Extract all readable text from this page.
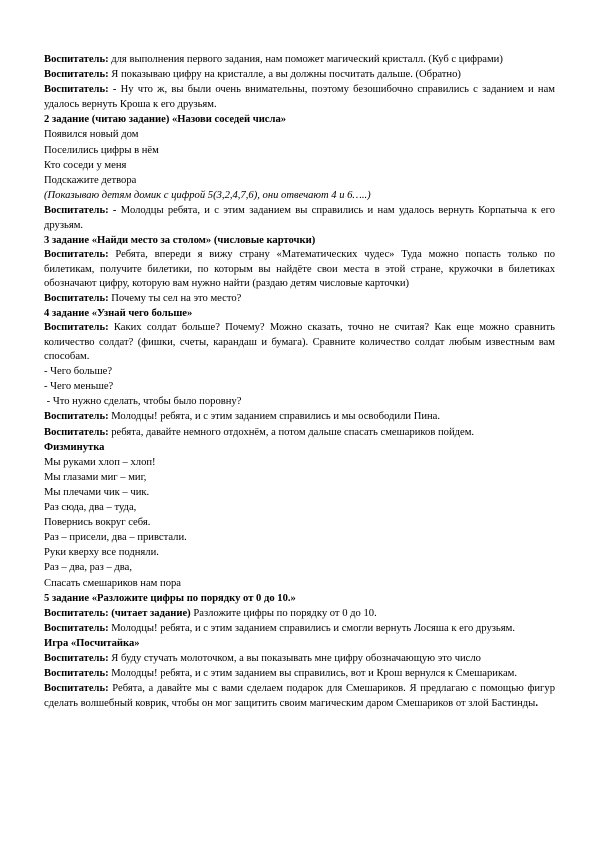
Воспитатель: для выполнения первого задания, нам поможет магический кристалл. (Куб с цифрами)

Воспитатель: Я показываю цифру на кристалле, а вы должны посчитать дальше. (Обратно)

Воспитатель: - Ну что ж, вы были очень внимательны, поэтому безошибочно справились с заданием и нам удалось вернуть Кроша к его друзьям.

2 задание (читаю задание) «Назови соседей числа»

Появился новый дом

Поселились цифры в нём

Кто соседи у меня

Подскажите детвора

(Показываю детям домик с цифрой 5(3,2,4,7,6), они отвечают 4 и 6…..)

Воспитатель: - Молодцы ребята, и с этим заданием вы справились и нам удалось вернуть Корпатыча к его друзьям.

3 задание «Найди место за столом» (числовые карточки)

Воспитатель: Ребята, впереди я вижу страну «Математических чудес» Туда можно попасть только по билетикам, получите билетики, по которым вы найдёте свои места в этой стране, кружочки в билетиках обозначают цифру, которую вам нужно найти (раздаю детям числовые карточки)

Воспитатель: Почему ты сел на это место?

4 задание «Узнай чего больше»

Воспитатель: Каких солдат больше? Почему? Можно сказать, точно не считая? Как еще можно сравнить количество солдат? (фишки, счеты, карандаш и бумага). Сравните количество солдат любым известным вам способам.

- Чего больше?

- Чего меньше?

- Что нужно сделать, чтобы было поровну?

Воспитатель: Молодцы! ребята, и с этим заданием справились и мы освободили Пина.

Воспитатель: ребята, давайте немного отдохнём, а потом дальше спасать смешариков пойдем.

Физминутка

Мы руками хлоп – хлоп!

Мы глазами миг – миг,

Мы плечами чик – чик.

Раз сюда, два – туда,

Повернись вокруг себя.

Раз – присели, два – привстали.

Руки кверху все подняли.

Раз – два, раз – два,

Спасать смешариков нам пора

5 задание «Разложите цифры по порядку от 0 до 10.»

Воспитатель: (читает задание) Разложите цифры по порядку от 0 до 10.

Воспитатель: Молодцы! ребята, и с этим заданием справились и смогли вернуть Лосяша к его друзьям.

Игра «Посчитайка»

Воспитатель: Я буду стучать молоточком, а вы показывать мне цифру обозначающую это число

Воспитатель: Молодцы! ребята, и с этим заданием вы справились, вот и Крош вернулся к Смешарикам.

Воспитатель: Ребята, а давайте мы с вами сделаем подарок для Смешариков. Я предлагаю с помощью фигур сделать волшебный коврик, чтобы он мог защитить своим магическим даром Смешариков от злой Бастинды.
